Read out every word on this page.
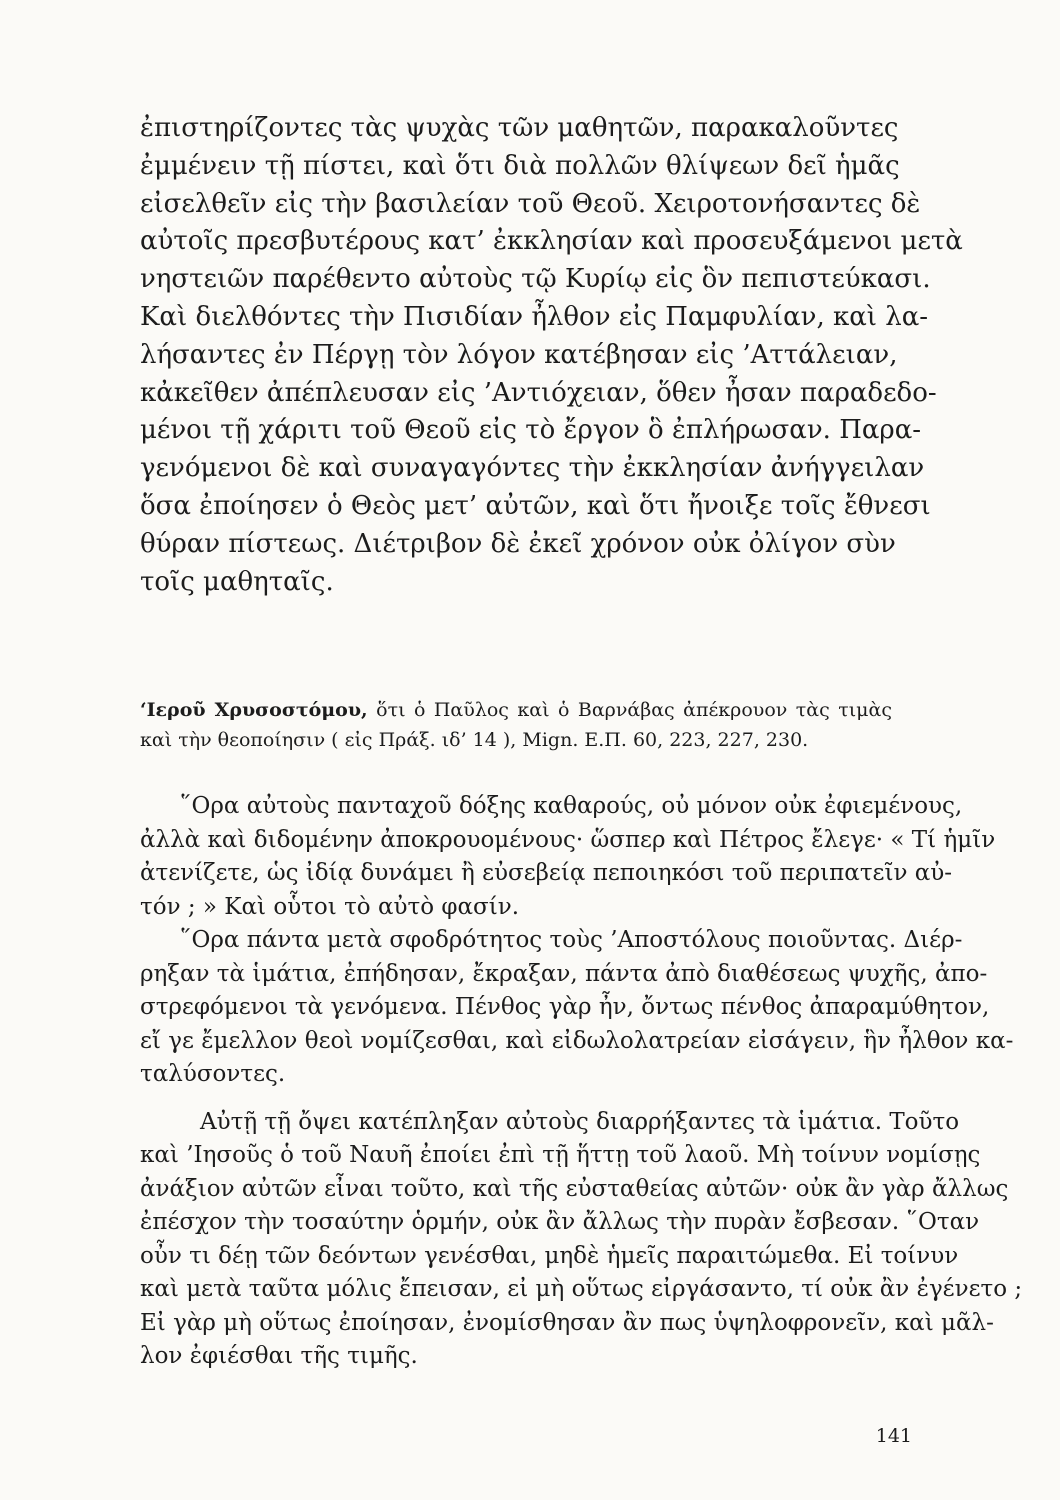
ἐπιστηρίζοντες τὰς ψυχὰς τῶν μαθητῶν, παρακαλοῦντες
ἐμμένειν τῇ πίστει, καὶ ὅτι διὰ πολλῶν θλίψεων δεῖ ἡμᾶς
εἰσελθεῖν εἰς τὴν βασιλείαν τοῦ Θεοῦ. Χειροτονήσαντες δὲ
αὐτοῖς πρεσβυτέρους κατ’ ἐκκλησίαν καὶ προσευξάμενοι μετὰ
νηστειῶν παρέθεντο αὐτοὺς τῷ Κυρίῳ εἰς ὃν πεπιστεύκασι.
Καὶ διελθόντες τὴν Πισιδίαν ἦλθον εἰς Παμφυλίαν, καὶ λα-
λήσαντες ἐν Πέργῃ τὸν λόγον κατέβησαν εἰς ’Αττάλειαν,
κἀκεῖθεν ἀπέπλευσαν εἰς ’Αντιόχειαν, ὅθεν ἦσαν παραδεδο-
μένοι τῇ χάριτι τοῦ Θεοῦ εἰς τὸ ἔργον ὃ ἐπλήρωσαν. Παρα-
γενόμενοι δὲ καὶ συναγαγόντες τὴν ἐκκλησίαν ἀνήγγειλαν
ὅσα ἐποίησεν ὁ Θεὸς μετ’ αὐτῶν, καὶ ὅτι ἤνοιξε τοῖς ἔθνεσι
θύραν πίστεως. Διέτριβον δὲ ἐκεῖ χρόνον οὐκ ὀλίγον σὺν
τοῖς μαθηταῖς.
‘Ιεροῦ Χρυσοστόμου, ὅτι ὁ Παῦλος καὶ ὁ Βαρνάβας ἀπέκρουον τὰς τιμὰς
καὶ τὴν θεοποίησιν ( εἰς Πράξ. ιδ’ 14 ), Mign. Ε.Π. 60, 223, 227, 230.
῞Ορα αὐτοὺς πανταχοῦ δόξης καθαρούς, οὐ μόνον οὐκ ἐφιεμένους,
ἀλλὰ καὶ διδομένην ἀποκρουομένους· ὥσπερ καὶ Πέτρος ἔλεγε· « Τί ἡμῖν
ἀτενίζετε, ὡς ἰδίᾳ δυνάμει ἢ εὐσεβείᾳ πεποιηκόσι τοῦ περιπατεῖν αὐ-
τόν ; » Καὶ οὗτοι τὸ αὐτὸ φασίν.
῞Ορα πάντα μετὰ σφοδρότητος τοὺς ’Αποστόλους ποιοῦντας. Διέρ-
ρηξαν τὰ ἱμάτια, ἐπήδησαν, ἔκραξαν, πάντα ἀπὸ διαθέσεως ψυχῆς, ἀπο-
στρεφόμενοι τὰ γενόμενα. Πένθος γὰρ ἦν, ὄντως πένθος ἀπαραμύθητον,
εἴ γε ἔμελλον θεοὶ νομίζεσθαι, καὶ εἰδωλολατρείαν εἰσάγειν, ἣν ἦλθον κα-
ταλύσοντες.
Αὐτῇ τῇ ὄψει κατέπληξαν αὐτοὺς διαρρήξαντες τὰ ἱμάτια. Τοῦτο
καὶ ’Ιησοῦς ὁ τοῦ Ναυῆ ἐποίει ἐπὶ τῇ ἥττῃ τοῦ λαοῦ. Μὴ τοίνυν νομίσῃς
ἀνάξιον αὐτῶν εἶναι τοῦτο, καὶ τῆς εὐσταθείας αὐτῶν· οὐκ ἂν γὰρ ἄλλως
ἐπέσχον τὴν τοσαύτην ὁρμήν, οὐκ ἂν ἄλλως τὴν πυρὰν ἔσβεσαν. ῞Οταν
οὖν τι δέῃ τῶν δεόντων γενέσθαι, μηδὲ ἡμεῖς παραιτώμεθα. Εἰ τοίνυν
καὶ μετὰ ταῦτα μόλις ἔπεισαν, εἰ μὴ οὕτως εἰργάσαντο, τί οὐκ ἂν ἐγένετο ;
Εἰ γὰρ μὴ οὕτως ἐποίησαν, ἐνομίσθησαν ἂν πως ὑψηλοφρονεῖν, καὶ μᾶλ-
λον ἐφιέσθαι τῆς τιμῆς.
141
